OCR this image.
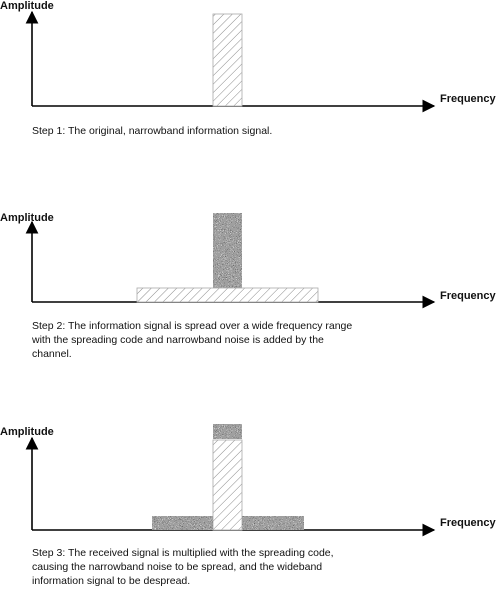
Amplitude
Frequency
Step 1: The original, narrowband information signal.
Amplitude
Frequency
Step 2: The information signal is spread over a wide frequency range with the spreading code and narrowband noise is added by the channel.
Amplitude
Frequency
Step 3: The received signal is multiplied with the spreading code, causing the narrowband noise to be spread, and the wideband information signal to be despread.
